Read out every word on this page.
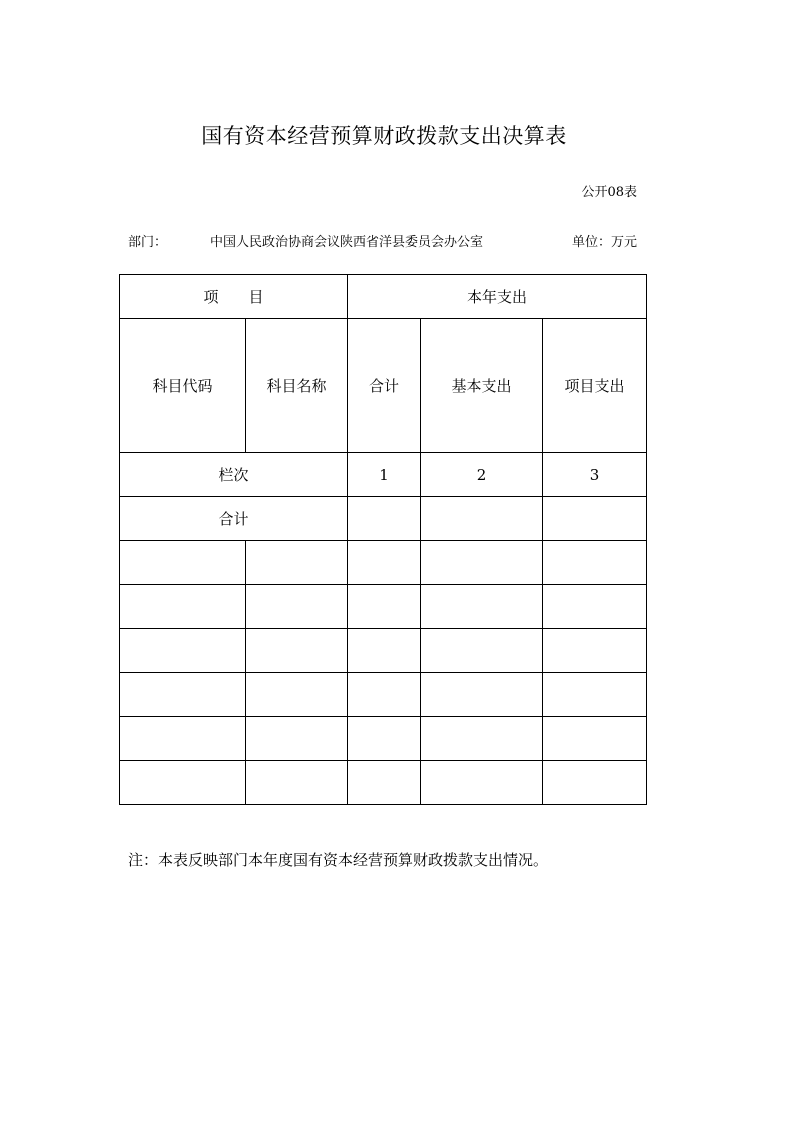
国有资本经营预算财政拨款支出决算表
公开08表
部门：	中国人民政治协商会议陕西省洋县委员会办公室	单位：万元
项　　目		本年支出		
科目代码	科目名称	合计	基本支出	项目支出
栏次		1	2	3
合计				

注：本表反映部门本年度国有资本经营预算财政拨款支出情况。
